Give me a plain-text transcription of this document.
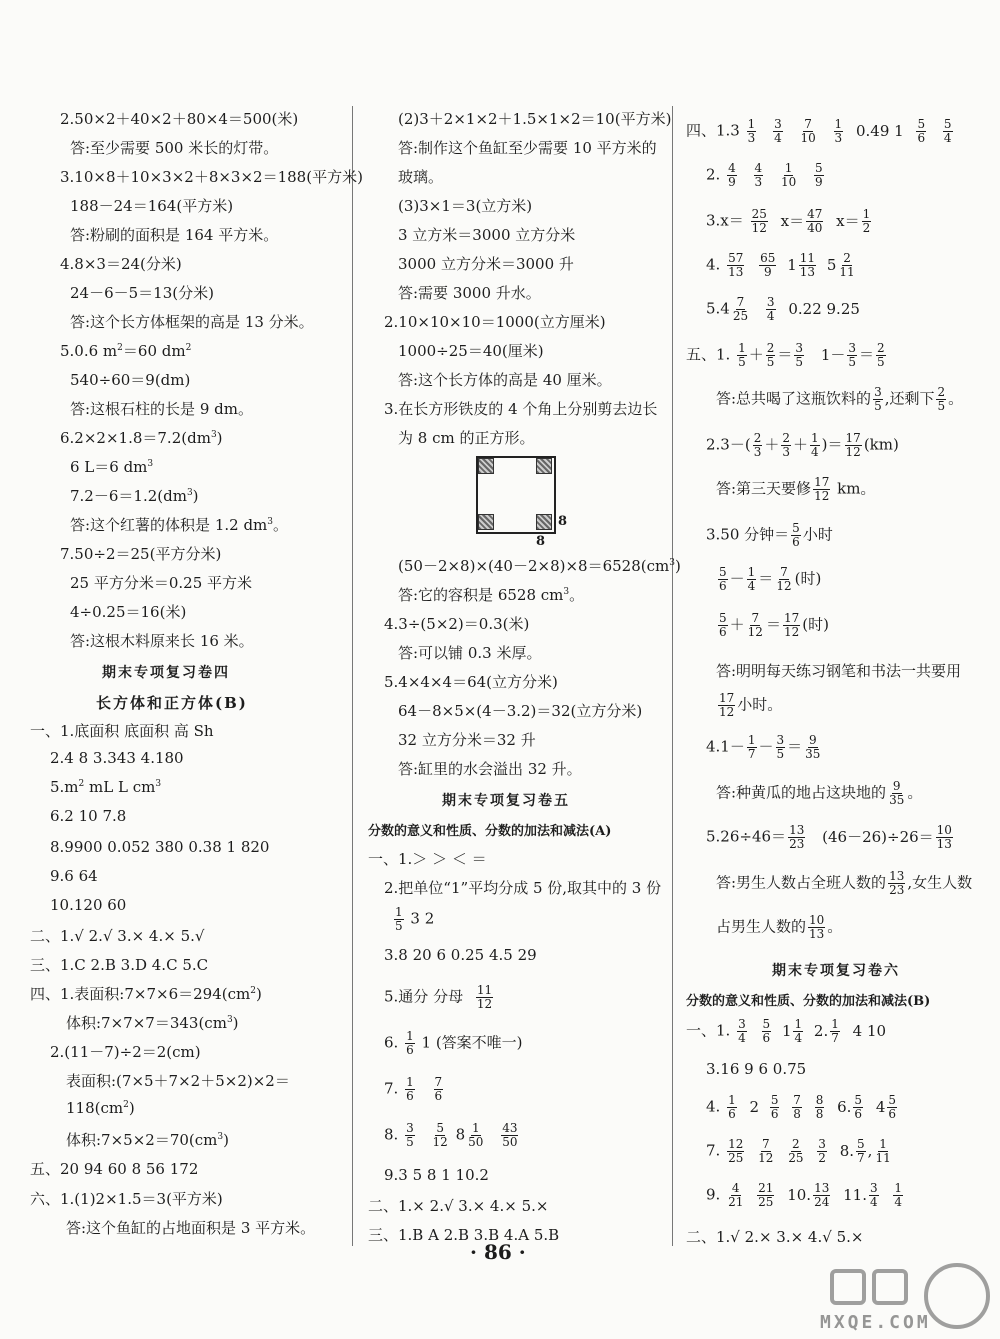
2.50×2＋40×2＋80×4＝500(米)
答:至少需要 500 米长的灯带。
3.10×8＋10×3×2＋8×3×2＝188(平方米)
188－24＝164(平方米)
答:粉刷的面积是 164 平方米。
4.8×3＝24(分米)
24－6－5＝13(分米)
答:这个长方体框架的高是 13 分米。
5.0.6 $m^2=60$ $dm^2$
540÷60＝9(dm)
答:这根石柱的长是 9 dm。
$6.2\times 2\times 1.8=7.2(dm^3)$
6 L＝6 $dm^3$
$7.2-6=1.2(dm^3)$
答:这个红薯的体积是 1.2 $dm^3$。
7.50÷2＝25(平方分米)
25 平方分米＝0.25 平方米
4÷0.25＝16(米)
答:这根木料原来长 16 米。
期末专项复习卷四
长方体和正方体(B)
一、1.底面积 底面积 高 Sh
2.4 8 3.343 4.180
$5.m^2$ mL L $cm^3$
6.2 10 7.8
8.9900 0.052 380 0.38 1 820
9.6 64
10.120 60
二、1.√ 2.√ 3.× 4.× 5.√
三、1.C 2.B 3.D 4.C 5.C
四、1.表面积$:7\times 7\times 6=294(cm^2)$
体积$:7\times 7\times 7=343(cm^3)$
2.(11－7)÷2＝2(cm)
表面积:(7×5＋7×2＋5×2)×2＝
$118(cm^2)$
体积$:7\times 5\times 2=70(cm^3)$
五、20 94 60 8 56 172
六、1.(1)2×1.5＝3(平方米)
答:这个鱼缸的占地面积是 3 平方米。
(2)3＋2×1×2＋1.5×1×2＝10(平方米)
答:制作这个鱼缸至少需要 10 平方米的
玻璃。
(3)3×1＝3(立方米)
3 立方米＝3000 立方分米
3000 立方分米＝3000 升
答:需要 3000 升水。
2.10×10×10＝1000(立方厘米)
1000÷25＝40(厘米)
答:这个长方体的高是 40 厘米。
3.在长方形铁皮的 4 个角上分别剪去边长
为 8 cm 的正方形。
8
8
$(50-2\times 8)\times(40-2\times 8)\times 8=6528(cm^3)$
答:它的容积是 6528 $cm^3$。
4.3÷(5×2)＝0.3(米)
答:可以铺 0.3 米厚。
5.4×4×4＝64(立方分米)
64－8×5×(4－3.2)＝32(立方分米)
32 立方分米＝32 升
答:缸里的水会溢出 32 升。
期末专项复习卷五
分数的意义和性质、分数的加法和减法(A)
一、1.＞ ＞ ＜ ＝
2.把单位“1”平均分成 5 份,取其中的 3 份
$\frac{1}{5} 3$ 2
3.8 20 6 0.25 4.5 29
5.通分 分母 $\frac{11}{12}$
6. $\frac{1}{6} 1$ (答案不唯一)
7. $\frac{1}{6}$
$\frac{7}{6}$
8. $\frac{3}{5}$
$\frac{5}{12} 8 \frac{1}{50}$
$\frac{43}{50}$
9.3 5 8 1 10.2
二、1.× 2.√ 3.× 4.× 5.×
三、1.B A 2.B 3.B 4.A 5.B
四、$1.3 \frac{1}{3}$
$\frac{3}{4}$
$\frac{7}{10}$
$\frac{1}{3} 0.49$ $1 \frac{5}{6}$
$\frac{5}{4}$
2. $\frac{4}{9}$
$\frac{4}{3}$
$\frac{1}{10}$
$\frac{5}{9}$
$3.x= \frac{25}{12} x= \frac{47}{40} x= \frac{1}{2}$
4. $\frac{57}{13}$
$\frac{65}{9} 1 \frac{11}{13} 5 \frac{2}{11}$
$5.4 \frac{7}{25}$
$\frac{3}{4} 0.22$ 9.25
五、1. $\frac{1}{5} + \frac{2}{5} = \frac{3}{5} 1- \frac{3}{5} = \frac{2}{5}$
答:总共喝了这瓶饮料的 $\frac{3}{5}$ ,还剩下 $\frac{2}{5}$ 。
$2.3-( \frac{2}{3} + \frac{2}{3} + \frac{1}{4}$ )＝ $\frac{17}{12} (km)$
答:第三天要修 $\frac{17}{12}$ km。
3.50 分钟＝ $\frac{5}{6}$ 小时
$\frac{5}{6} - \frac{1}{4} = \frac{7}{12}$ (时)
$\frac{5}{6} + \frac{7}{12} = \frac{17}{12}$ (时)
答:明明每天练习钢笔和书法一共要用
$\frac{17}{12}$ 小时。
$4.1- \frac{1}{7} - \frac{3}{5} = \frac{9}{35}$
答:种黄瓜的地占这块地的 $\frac{9}{35}$ 。
$5.26\div 46= \frac{13}{23} (46-26)\div 26= \frac{10}{13}$
答:男生人数占全班人数的 $\frac{13}{23}$ ,女生人数
占男生人数的 $\frac{10}{13}$ 。
期末专项复习卷六
分数的意义和性质、分数的加法和减法(B)
一、1. $\frac{3}{4}$
$\frac{5}{6} 1 \frac{1}{4} 2$. $\frac{1}{7} 4$ 10
3.16 9 6 0.75
4. $\frac{1}{6} 2 \frac{5}{6}$
$\frac{7}{8}$
$\frac{8}{8} 6$. $\frac{5}{6} 4 \frac{5}{6}$
7. $\frac{12}{25}$
$\frac{7}{12}$
$\frac{2}{25}$
$\frac{3}{2} 8$. $\frac{5}{7}$ , $\frac{1}{11}$
9. $\frac{4}{21}$
$\frac{21}{25} 10$. $\frac{13}{24} 11$. $\frac{3}{4}$
$\frac{1}{4}$
二、1.√ 2.× 3.× 4.√ 5.×
· 86 ·
MXQE.COM
